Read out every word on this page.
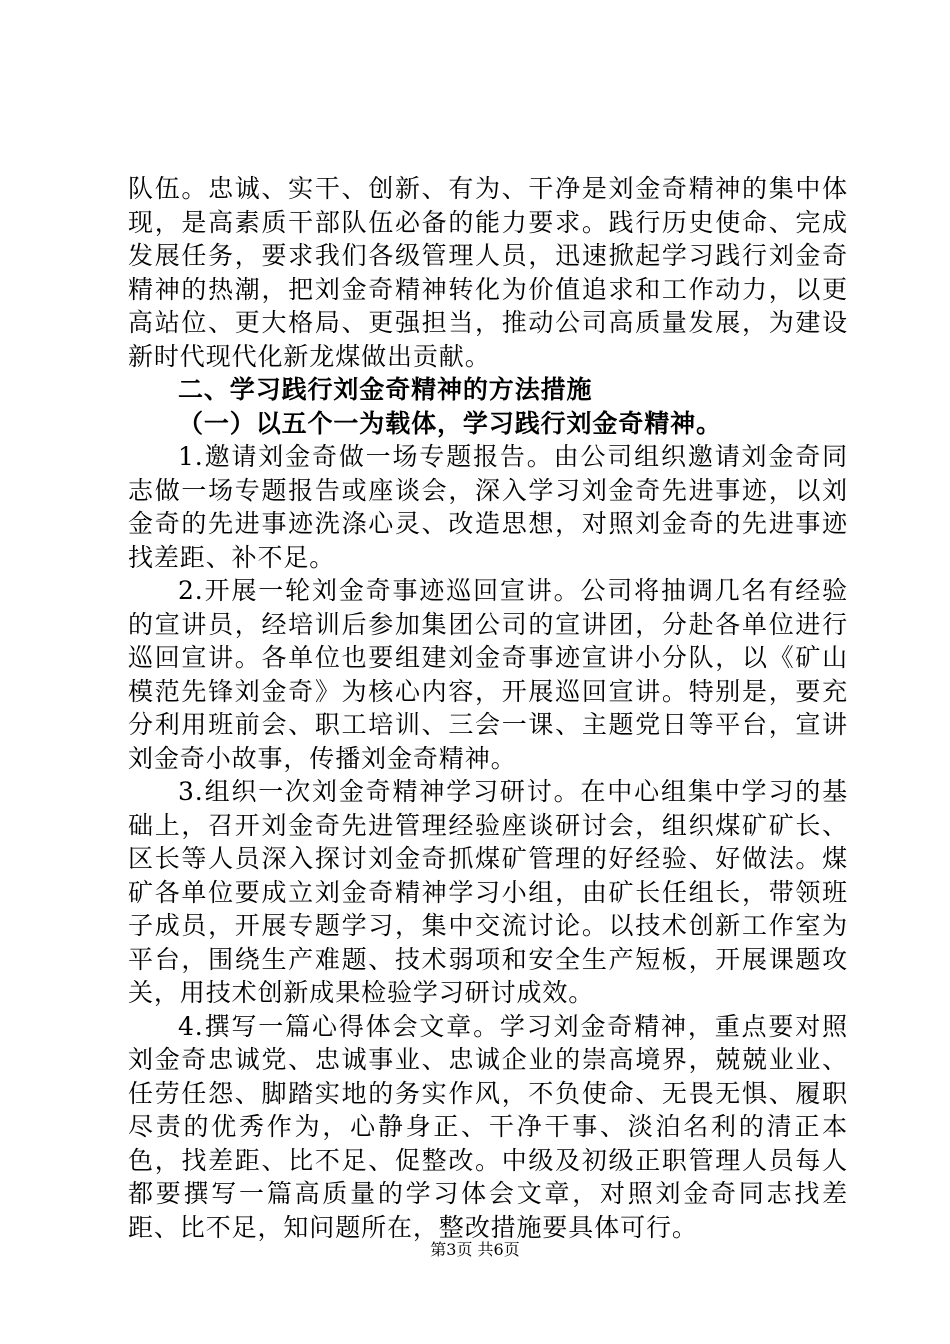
队伍。忠诚、实干、创新、有为、干净是刘金奇精神的集中体现，是高素质干部队伍必备的能力要求。践行历史使命、完成发展任务，要求我们各级管理人员，迅速掀起学习践行刘金奇精神的热潮，把刘金奇精神转化为价值追求和工作动力，以更高站位、更大格局、更强担当，推动公司高质量发展，为建设新时代现代化新龙煤做出贡献。

二、学习践行刘金奇精神的方法措施

（一）以五个一为载体，学习践行刘金奇精神。

1.邀请刘金奇做一场专题报告。由公司组织邀请刘金奇同志做一场专题报告或座谈会，深入学习刘金奇先进事迹，以刘金奇的先进事迹洗涤心灵、改造思想，对照刘金奇的先进事迹找差距、补不足。

2.开展一轮刘金奇事迹巡回宣讲。公司将抽调几名有经验的宣讲员，经培训后参加集团公司的宣讲团，分赴各单位进行巡回宣讲。各单位也要组建刘金奇事迹宣讲小分队，以《矿山模范先锋刘金奇》为核心内容，开展巡回宣讲。特别是，要充分利用班前会、职工培训、三会一课、主题党日等平台，宣讲刘金奇小故事，传播刘金奇精神。

3.组织一次刘金奇精神学习研讨。在中心组集中学习的基础上，召开刘金奇先进管理经验座谈研讨会，组织煤矿矿长、区长等人员深入探讨刘金奇抓煤矿管理的好经验、好做法。煤矿各单位要成立刘金奇精神学习小组，由矿长任组长，带领班子成员，开展专题学习，集中交流讨论。以技术创新工作室为平台，围绕生产难题、技术弱项和安全生产短板，开展课题攻关，用技术创新成果检验学习研讨成效。

4.撰写一篇心得体会文章。学习刘金奇精神，重点要对照刘金奇忠诚党、忠诚事业、忠诚企业的崇高境界，兢兢业业、任劳任怨、脚踏实地的务实作风，不负使命、无畏无惧、履职尽责的优秀作为，心静身正、干净干事、淡泊名利的清正本色，找差距、比不足、促整改。中级及初级正职管理人员每人都要撰写一篇高质量的学习体会文章，对照刘金奇同志找差距、比不足，知问题所在，整改措施要具体可行。

第3页 共6页
